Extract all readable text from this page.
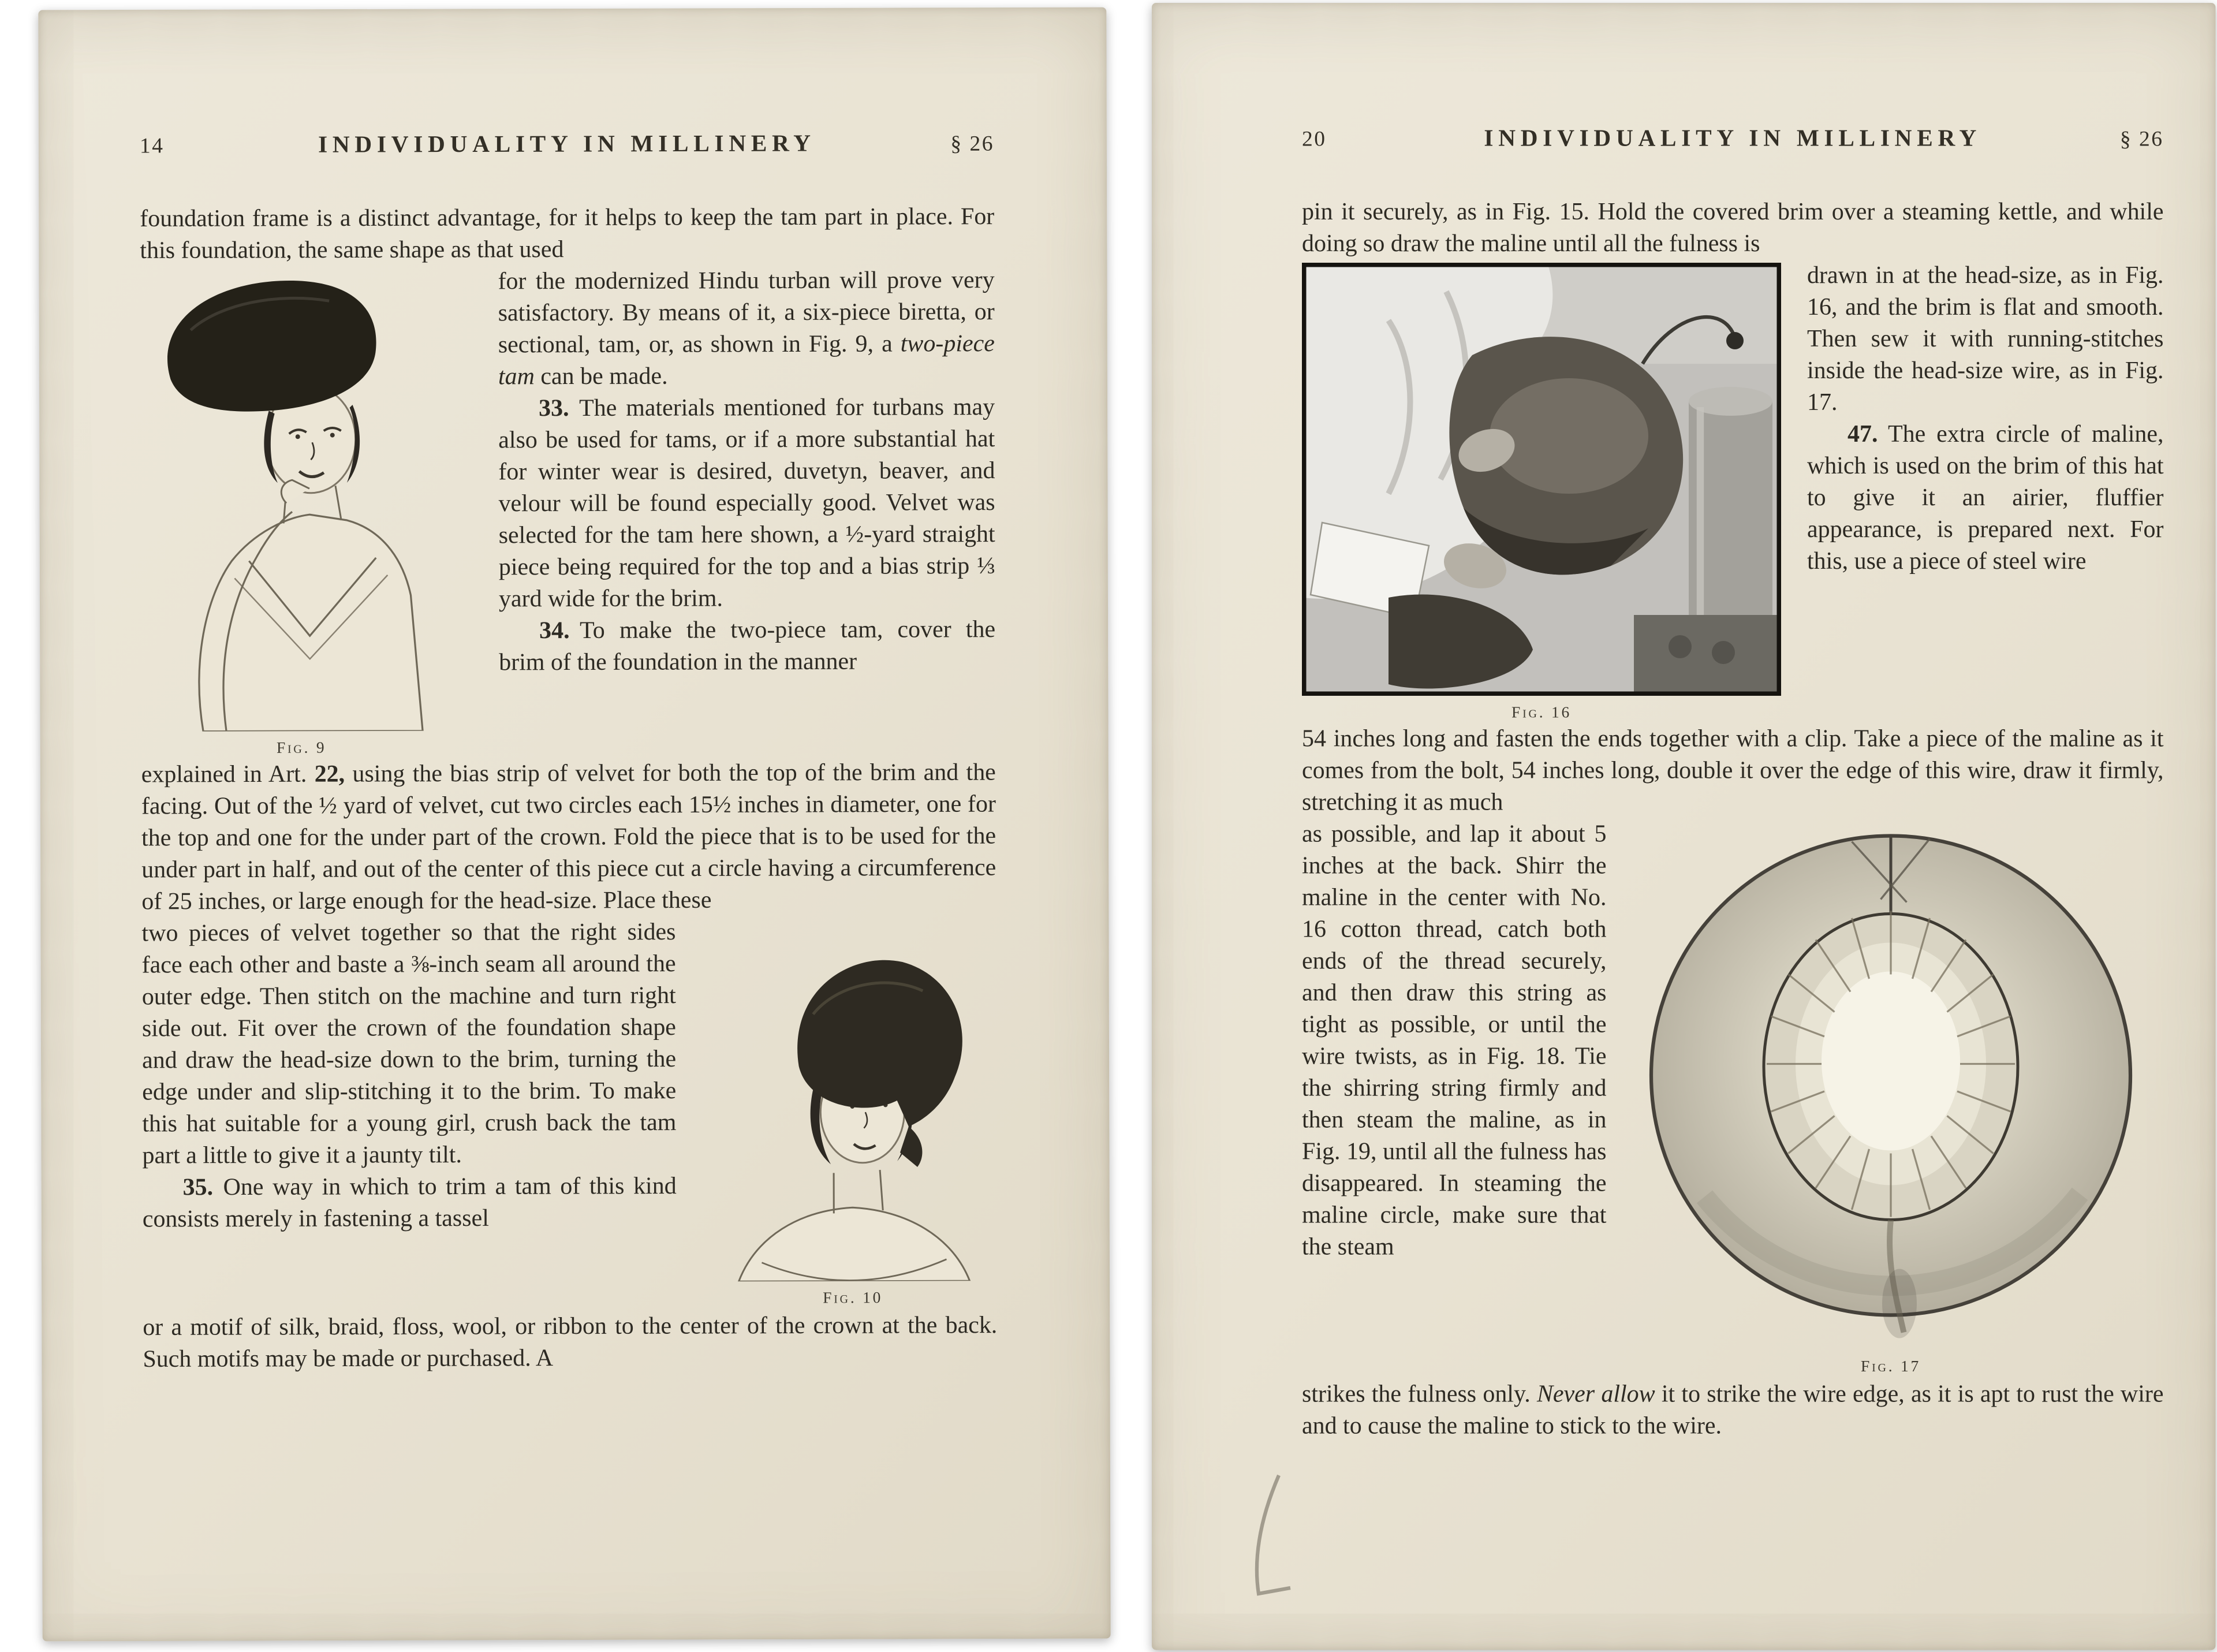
14	INDIVIDUALITY IN MILLINERY	§ 26

foundation frame is a distinct advantage, for it helps to keep the tam part in place. For this foundation, the same shape as that used

Fig. 9

for the modernized Hindu turban will prove very satisfactory. By means of it, a six-piece biretta, or sectional, tam, or, as shown in Fig. 9, a two-piece tam can be made.

33. The materials mentioned for turbans may also be used for tams, or if a more substantial hat for winter wear is desired, duvetyn, beaver, and velour will be found especially good. Velvet was selected for the tam here shown, a ½-yard straight piece being required for the top and a bias strip ⅓ yard wide for the brim.

34. To make the two-piece tam, cover the brim of the foundation in the manner

explained in Art. 22, using the bias strip of velvet for both the top of the brim and the facing. Out of the ½ yard of velvet, cut two circles each 15½ inches in diameter, one for the top and one for the under part of the crown. Fold the piece that is to be used for the under part in half, and out of the center of this piece cut a circle having a circumference of 25 inches, or large enough for the head-size. Place these

two pieces of velvet together so that the right sides face each other and baste a ⅜-inch seam all around the outer edge. Then stitch on the machine and turn right side out. Fit over the crown of the foundation shape and draw the head-size down to the brim, turning the edge under and slip-stitching it to the brim. To make this hat suitable for a young girl, crush back the tam part a little to give it a jaunty tilt.

35. One way in which to trim a tam of this kind consists merely in fastening a tassel

Fig. 10

or a motif of silk, braid, floss, wool, or ribbon to the center of the crown at the back. Such motifs may be made or purchased. A

20	INDIVIDUALITY IN MILLINERY	§ 26

pin it securely, as in Fig. 15. Hold the covered brim over a steaming kettle, and while doing so draw the maline until all the fulness is

Fig. 16

drawn in at the head-size, as in Fig. 16, and the brim is flat and smooth. Then sew it with running-stitches inside the head-size wire, as in Fig. 17.

47. The extra circle of maline, which is used on the brim of this hat to give it an airier, fluffier appearance, is prepared next. For this, use a piece of steel wire

54 inches long and fasten the ends together with a clip. Take a piece of the maline as it comes from the bolt, 54 inches long, double it over the edge of this wire, draw it firmly, stretching it as much

as possible, and lap it about 5 inches at the back. Shirr the maline in the center with No. 16 cotton thread, catch both ends of the thread securely, and then draw this string as tight as possible, or until the wire twists, as in Fig. 18. Tie the shirring string firmly and then steam the maline, as in Fig. 19, until all the fulness has disappeared. In steaming the maline circle, make sure that the steam

Fig. 17

strikes the fulness only. Never allow it to strike the wire edge, as it is apt to rust the wire and to cause the maline to stick to the wire.
